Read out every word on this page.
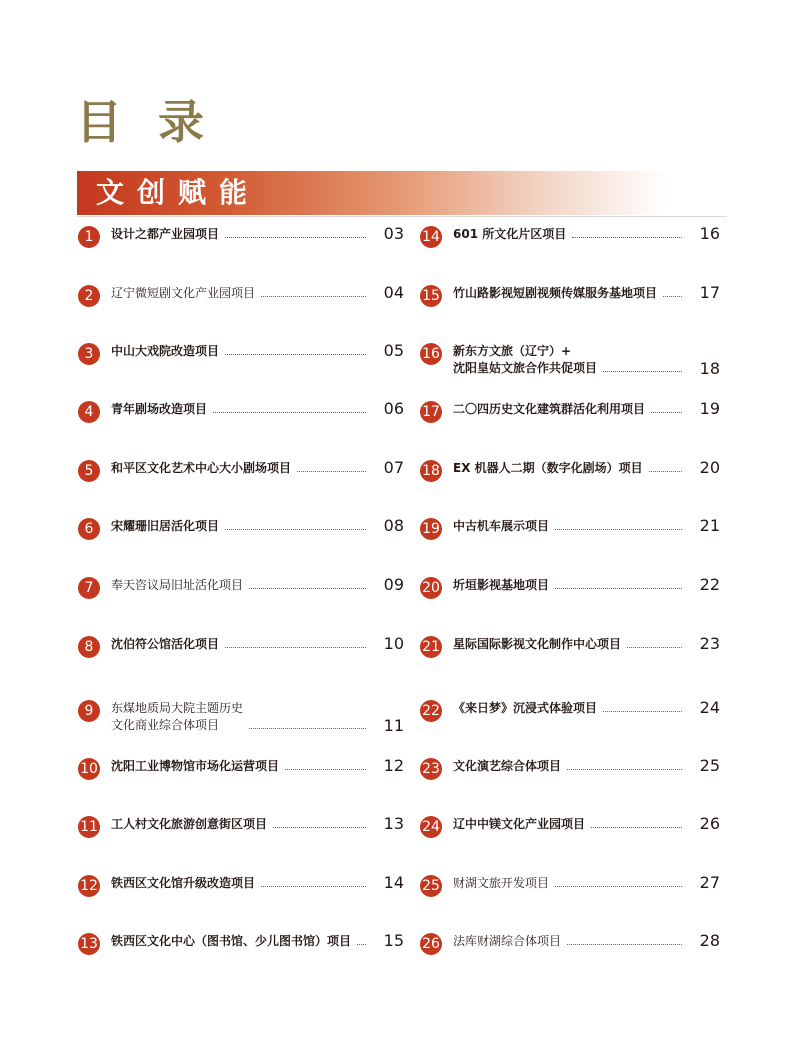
目 录
文创赋能
1	设计之都产业园项目	03
2	辽宁微短剧文化产业园项目	04
3	中山大戏院改造项目	05
4	青年剧场改造项目	06
5	和平区文化艺术中心大小剧场项目	07
6	宋耀珊旧居活化项目	08
7	奉天咨议局旧址活化项目	09
8	沈伯符公馆活化项目	10
9	东煤地质局大院主题历史
文化商业综合体项目	11
10 沈阳工业博物馆市场化运营项目	12
11 工人村文化旅游创意街区项目	13
12 铁西区文化馆升级改造项目	14
13 铁西区文化中心（图书馆、少儿图书馆）项目	15
14 601 所文化片区项目	16
15 竹山路影视短剧视频传媒服务基地项目	17
16 新东方文旅（辽宁）+
沈阳皇姑文旅合作共促项目	18
17 二〇四历史文化建筑群活化利用项目	19
18 EX 机器人二期（数字化剧场）项目	20
19 中古机车展示项目	21
20 圻垣影视基地项目	22
21 星际国际影视文化制作中心项目	23
22 《来日梦》沉浸式体验项目	24
23 文化演艺综合体项目	25
24 辽中中镁文化产业园项目	26
25 财湖文旅开发项目	27
26 法库财湖综合体项目	28
